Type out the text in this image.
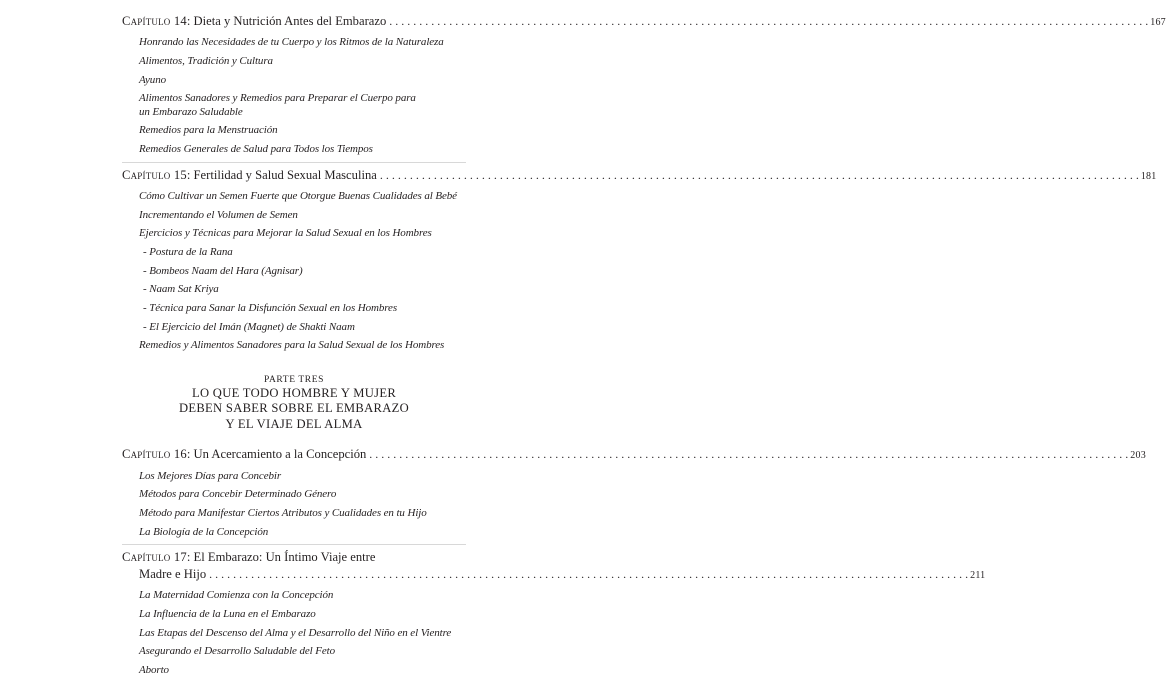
Capítulo 14: Dieta y Nutrición Antes del Embarazo . . .	167
Honrando las Necesidades de tu Cuerpo y los Ritmos de la Naturaleza
Alimentos, Tradición y Cultura
Ayuno
Alimentos Sanadores y Remedios para Preparar el Cuerpo para
un Embarazo Saludable
Remedios para la Menstruación
Remedios Generales de Salud para Todos los Tiempos
Capítulo 15: Fertilidad y Salud Sexual Masculina . . .	181
Cómo Cultivar un Semen Fuerte que Otorgue Buenas Cualidades al Bebé
Incrementando el Volumen de Semen
Ejercicios y Técnicas para Mejorar la Salud Sexual en los Hombres
- Postura de la Rana
- Bombeos Naam del Hara (Agnisar)
- Naam Sat Kriya
- Técnica para Sanar la Disfunción Sexual en los Hombres
- El Ejercicio del Imán (Magnet) de Shakti Naam
Remedios y Alimentos Sanadores para la Salud Sexual de los Hombres
PARTE TRES
LO QUE TODO HOMBRE Y MUJER
DEBEN SABER SOBRE EL EMBARAZO
Y EL VIAJE DEL ALMA
Capítulo 16: Un Acercamiento a la Concepción . . .	203
Los Mejores Días para Concebir
Métodos para Concebir Determinado Género
Método para Manifestar Ciertos Atributos y Cualidades en tu Hijo
La Biología de la Concepción
Capítulo 17: El Embarazo: Un Íntimo Viaje entre
Madre e Hijo . . .	211
La Maternidad Comienza con la Concepción
La Influencia de la Luna en el Embarazo
Las Etapas del Descenso del Alma y el Desarrollo del Niño en el Vientre
Asegurando el Desarrollo Saludable del Feto
Aborto
